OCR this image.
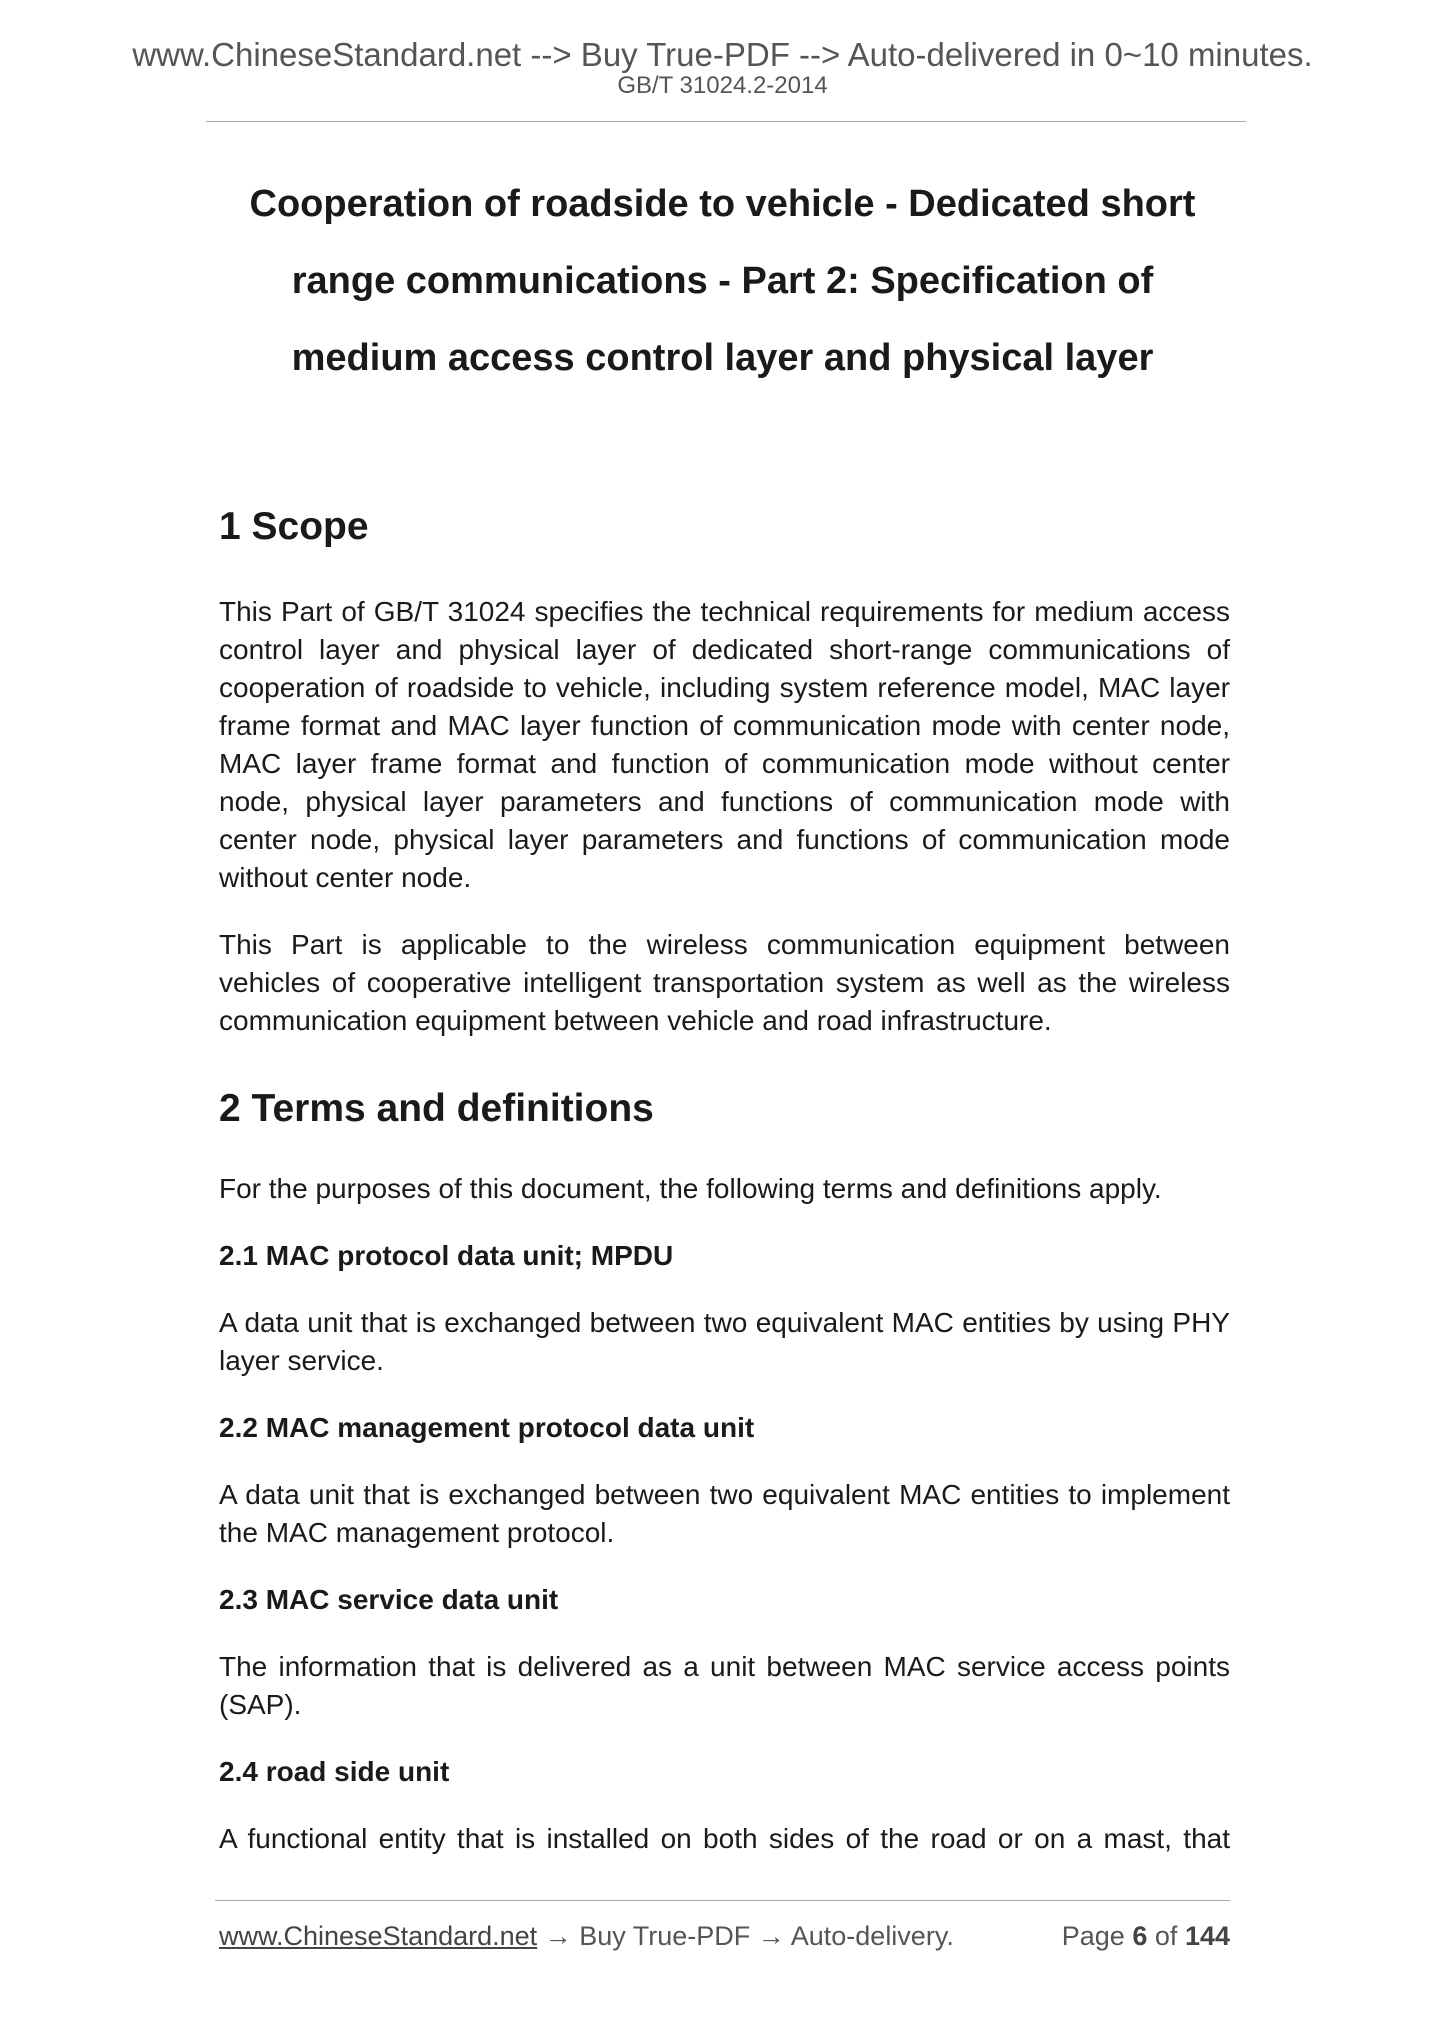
www.ChineseStandard.net --> Buy True-PDF --> Auto-delivered in 0~10 minutes.
GB/T 31024.2-2014
Cooperation of roadside to vehicle - Dedicated short
range communications - Part 2: Specification of
medium access control layer and physical layer
1 Scope

This Part of GB/T 31024 specifies the technical requirements for medium access control layer and physical layer of dedicated short-range communications of cooperation of roadside to vehicle, including system reference model, MAC layer frame format and MAC layer function of communication mode with center node, MAC layer frame format and function of communication mode without center node, physical layer parameters and functions of communication mode with center node, physical layer parameters and functions of communication mode without center node.

This Part is applicable to the wireless communication equipment between vehicles of cooperative intelligent transportation system as well as the wireless communication equipment between vehicle and road infrastructure.

2 Terms and definitions

For the purposes of this document, the following terms and definitions apply.

2.1 MAC protocol data unit; MPDU

A data unit that is exchanged between two equivalent MAC entities by using PHY layer service.

2.2 MAC management protocol data unit

A data unit that is exchanged between two equivalent MAC entities to implement the MAC management protocol.

2.3 MAC service data unit

The information that is delivered as a unit between MAC service access points (SAP).

2.4 road side unit

A functional entity that is installed on both sides of the road or on a mast, that

www.ChineseStandard.net → Buy True-PDF → Auto-delivery.	Page 6 of 144
